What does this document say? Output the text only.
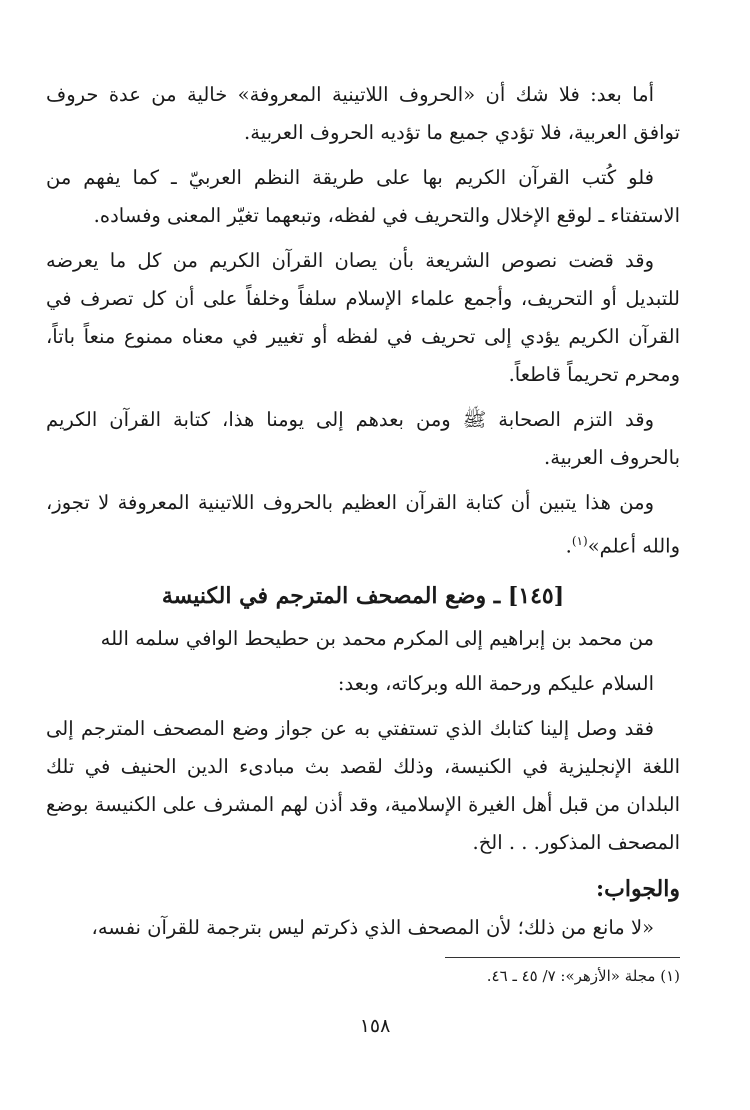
أما بعد: فلا شك أن «الحروف اللاتينية المعروفة» خالية من عدة حروف توافق العربية، فلا تؤدي جميع ما تؤديه الحروف العربية.

فلو كُتب القرآن الكريم بها على طريقة النظم العربيّ ـ كما يفهم من الاستفتاء ـ لوقع الإخلال والتحريف في لفظه، وتبعهما تغيّر المعنى وفساده.

وقد قضت نصوص الشريعة بأن يصان القرآن الكريم من كل ما يعرضه للتبديل أو التحريف، وأجمع علماء الإسلام سلفاً وخلفاً على أن كل تصرف في القرآن الكريم يؤدي إلى تحريف في لفظه أو تغيير في معناه ممنوع منعاً باتاً، ومحرم تحريماً قاطعاً.

وقد التزم الصحابة ﷺ ومن بعدهم إلى يومنا هذا، كتابة القرآن الكريم بالحروف العربية.

ومن هذا يتبين أن كتابة القرآن العظيم بالحروف اللاتينية المعروفة لا تجوز، والله أعلم»$^{(١)}$.

[١٤٥] ـ وضع المصحف المترجم في الكنيسة

من محمد بن إبراهيم إلى المكرم محمد بن حطيحط الوافي سلمه الله

السلام عليكم ورحمة الله وبركاته، وبعد:

فقد وصل إلينا كتابك الذي تستفتي به عن جواز وضع المصحف المترجم إلى اللغة الإنجليزية في الكنيسة، وذلك لقصد بث مبادىء الدين الحنيف في تلك البلدان من قبل أهل الغيرة الإسلامية، وقد أذن لهم المشرف على الكنيسة بوضع المصحف المذكور. . . الخ.

والجواب:

«لا مانع من ذلك؛ لأن المصحف الذي ذكرتم ليس بترجمة للقرآن نفسه،

(١) مجلة «الأزهر»: ٧/ ٤٥ ـ ٤٦.
١٥٨
